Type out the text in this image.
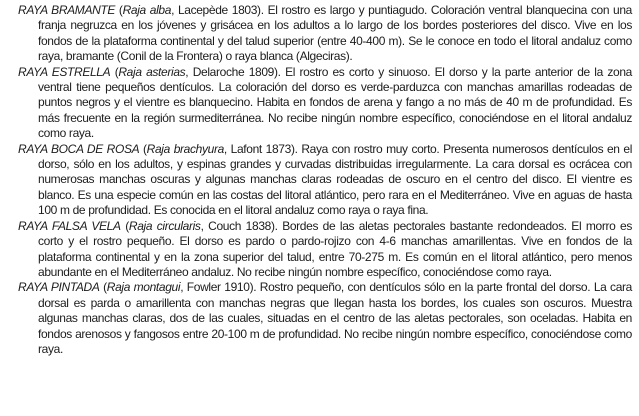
RAYA BRAMANTE (Raja alba, Lacepède 1803). El rostro es largo y puntiagudo. Coloración ventral blanquecina con una franja negruzca en los jóvenes y grisácea en los adultos a lo largo de los bordes posteriores del disco. Vive en los fondos de la plataforma continental y del talud superior (entre 40-400 m). Se le conoce en todo el litoral andaluz como raya, bramante (Conil de la Frontera) o raya blanca (Algeciras).

RAYA ESTRELLA (Raja asterias, Delaroche 1809). El rostro es corto y sinuoso. El dorso y la parte anterior de la zona ventral tiene pequeños dentículos. La coloración del dorso es verde-parduzca con manchas amarillas rodeadas de puntos negros y el vientre es blanquecino. Habita en fondos de arena y fango a no más de 40 m de profundidad. Es más frecuente en la región surmediterránea. No recibe ningún nombre específico, conociéndose en el litoral andaluz como raya.

RAYA BOCA DE ROSA (Raja brachyura, Lafont 1873). Raya con rostro muy corto. Presenta numerosos dentículos en el dorso, sólo en los adultos, y espinas grandes y curvadas distribuidas irregularmente. La cara dorsal es ocrácea con numerosas manchas oscuras y algunas manchas claras rodeadas de oscuro en el centro del disco. El vientre es blanco. Es una especie común en las costas del litoral atlántico, pero rara en el Mediterráneo. Vive en aguas de hasta 100 m de profundidad. Es conocida en el litoral andaluz como raya o raya fina.

RAYA FALSA VELA (Raja circularis, Couch 1838). Bordes de las aletas pectorales bastante redondeados. El morro es corto y el rostro pequeño. El dorso es pardo o pardo-rojizo con 4-6 manchas amarillentas. Vive en fondos de la plataforma continental y en la zona superior del talud, entre 70-275 m. Es común en el litoral atlántico, pero menos abundante en el Mediterráneo andaluz. No recibe ningún nombre específico, conociéndose como raya.

RAYA PINTADA (Raja montagui, Fowler 1910). Rostro pequeño, con dentículos sólo en la parte frontal del dorso. La cara dorsal es parda o amarillenta con manchas negras que llegan hasta los bordes, los cuales son oscuros. Muestra algunas manchas claras, dos de las cuales, situadas en el centro de las aletas pectorales, son oceladas. Habita en fondos arenosos y fangosos entre 20-100 m de profundidad. No recibe ningún nombre específico, conociéndose como raya.
